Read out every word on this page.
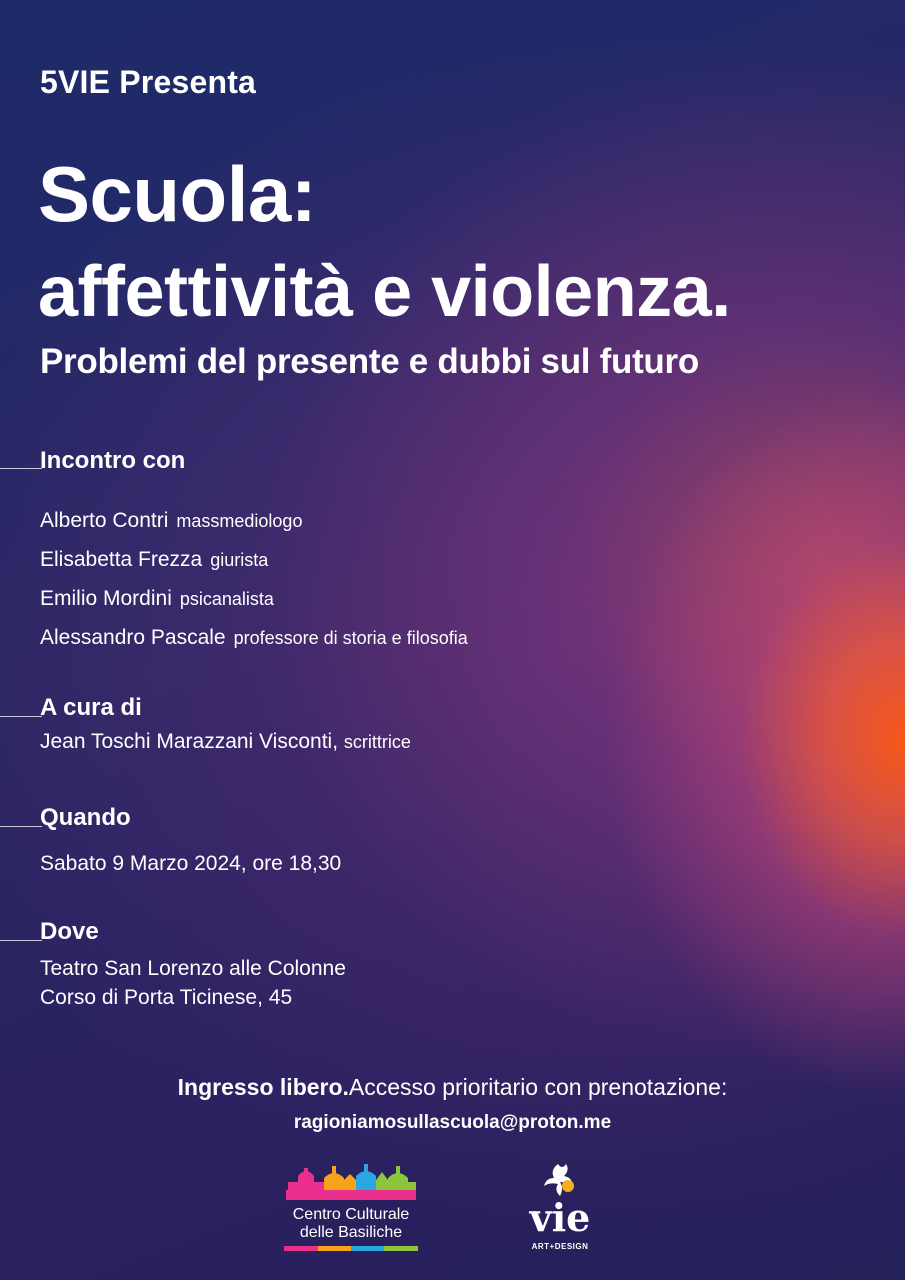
5VIE Presenta
Scuola:
affettività e violenza.
Problemi del presente e dubbi sul futuro
Incontro con
Alberto Contri massmediologo
Elisabetta Frezza giurista
Emilio Mordini psicanalista
Alessandro Pascale professore di storia e filosofia
A cura di
Jean Toschi Marazzani Visconti, scrittrice
Quando
Sabato 9 Marzo 2024, ore 18,30
Dove
Teatro San Lorenzo alle Colonne
Corso di Porta Ticinese, 45
Ingresso libero.Accesso prioritario con prenotazione:
ragioniamosullascuola@proton.me
Centro Culturale
delle Basiliche	vie
ART+DESIGN
